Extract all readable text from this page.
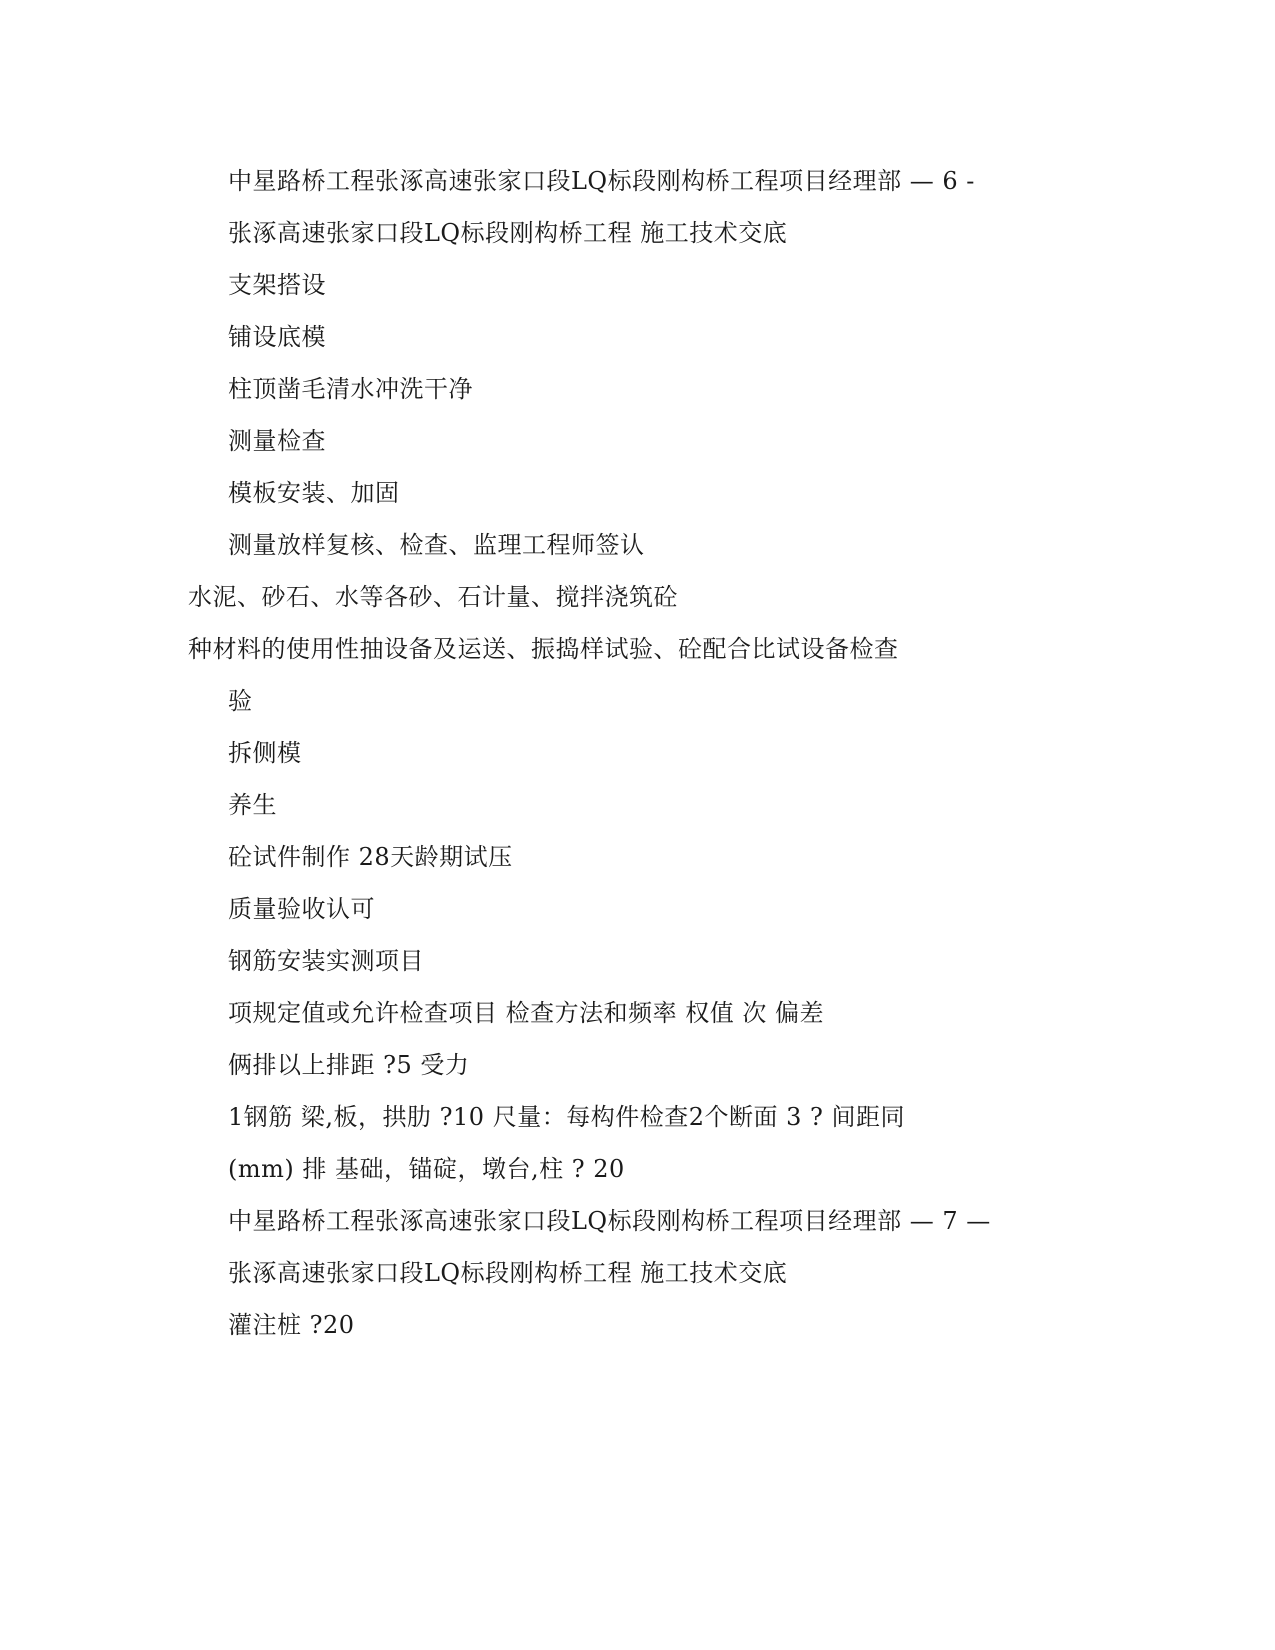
中星路桥工程张涿高速张家口段LQ标段刚构桥工程项目经理部 — 6 -
张涿高速张家口段LQ标段刚构桥工程 施工技术交底
支架搭设
铺设底模
柱顶凿毛清水冲洗干净
测量检查
模板安装、加固
测量放样复核、检查、监理工程师签认
水泥、砂石、水等各砂、石计量、搅拌浇筑砼
种材料的使用性抽设备及运送、振捣样试验、砼配合比试设备检查
验
拆侧模
养生
砼试件制作 28天龄期试压
质量验收认可
钢筋安装实测项目
项规定值或允许检查项目 检查方法和频率 权值 次 偏差
俩排以上排距 ?5 受力
1钢筋 梁,板，拱肋 ?10 尺量：每构件检查2个断面 3 ? 间距同
(mm) 排 基础，锚碇，墩台,柱 ? 20
中星路桥工程张涿高速张家口段LQ标段刚构桥工程项目经理部 — 7 —
张涿高速张家口段LQ标段刚构桥工程 施工技术交底
灌注桩 ?20
